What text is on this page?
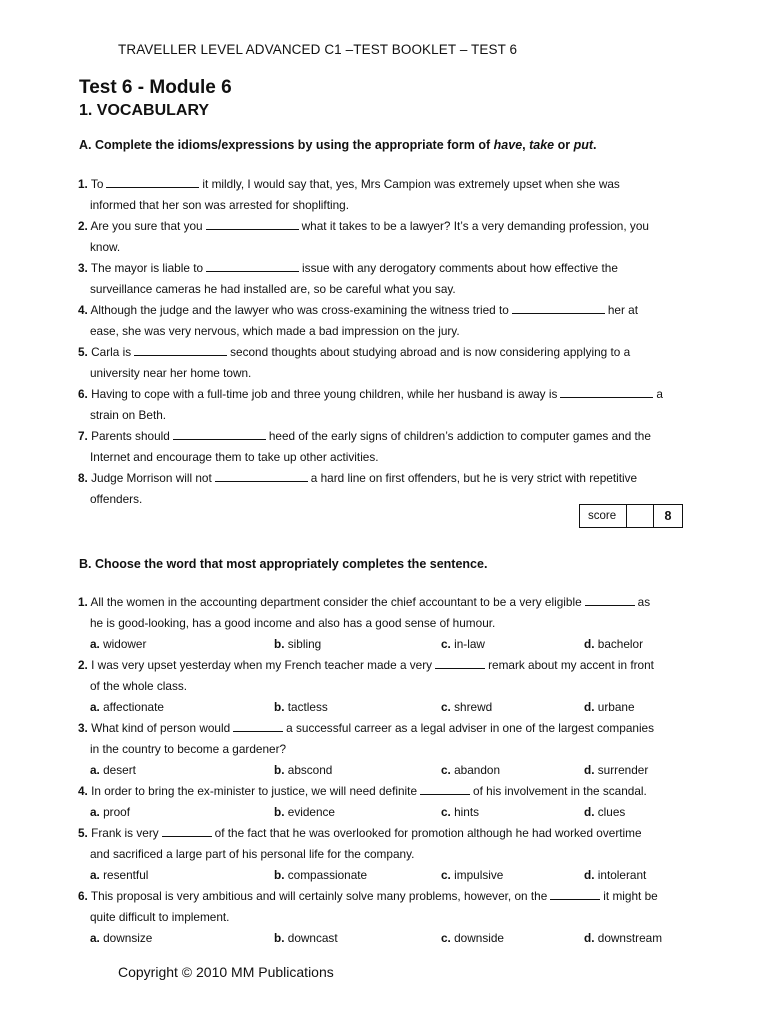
TRAVELLER LEVEL ADVANCED C1 –TEST BOOKLET – TEST 6
Test 6 - Module 6
1. VOCABULARY
A. Complete the idioms/expressions by using the appropriate form of have, take or put.
1. To	it mildly, I would say that, yes, Mrs Campion was extremely upset when she was
informed that her son was arrested for shoplifting.
2. Are you sure that you	what it takes to be a lawyer? It’s a very demanding profession, you
know.
3. The mayor is liable to	issue with any derogatory comments about how effective the
surveillance cameras he had installed are, so be careful what you say.
4. Although the judge and the lawyer who was cross-examining the witness tried to	her at
ease, she was very nervous, which made a bad impression on the jury.
5. Carla is	second thoughts about studying abroad and is now considering applying to a
university near her home town.
6. Having to cope with a full-time job and three young children, while her husband is away is	a
strain on Beth.
7. Parents should	heed of the early signs of children’s addiction to computer games and the
Internet and encourage them to take up other activities.
8. Judge Morrison will not	a hard line on first offenders, but he is very strict with repetitive
offenders.
score	8
B. Choose the word that most appropriately completes the sentence.
1. All the women in the accounting department consider the chief accountant to be a very eligible	as
he is good-looking, has a good income and also has a good sense of humour.
a. widower	b. sibling	c. in-law	d. bachelor
2. I was very upset yesterday when my French teacher made a very	remark about my accent in front
of the whole class.
a. affectionate	b. tactless	c. shrewd	d. urbane
3. What kind of person would	a successful carreer as a legal adviser in one of the largest companies
in the country to become a gardener?
a. desert	b. abscond	c. abandon	d. surrender
4. In order to bring the ex-minister to justice, we will need definite	of his involvement in the scandal.
a. proof	b. evidence	c. hints	d. clues
5. Frank is very	of the fact that he was overlooked for promotion although he had worked overtime
and sacrificed a large part of his personal life for the company.
a. resentful	b. compassionate	c. impulsive	d. intolerant
6. This proposal is very ambitious and will certainly solve many problems, however, on the	it might be
quite difficult to implement.
a. downsize	b. downcast	c. downside	d. downstream
Copyright © 2010 MM Publications
